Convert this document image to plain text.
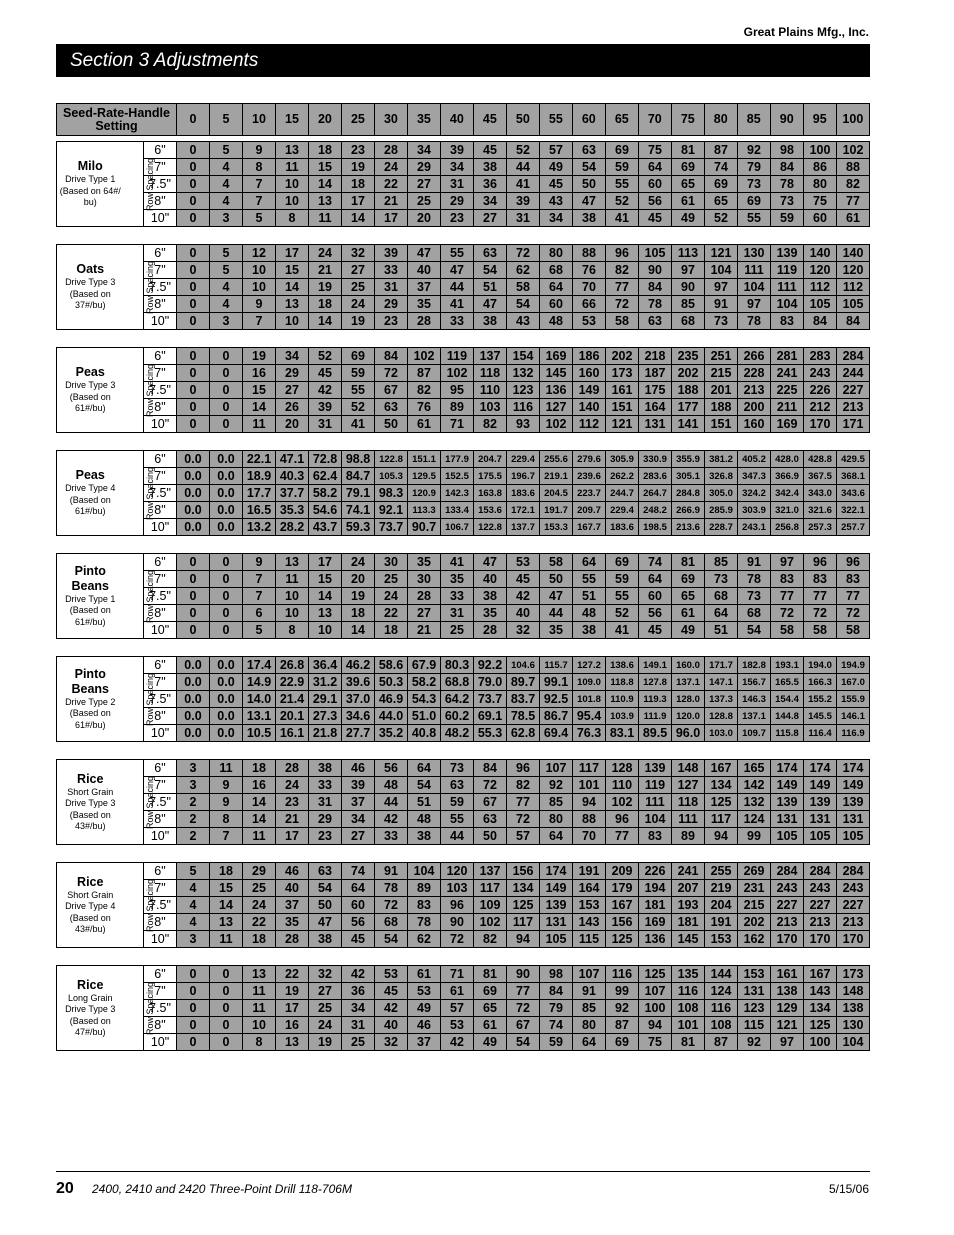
Great Plains Mfg., Inc.
Section 3 Adjustments
Seed-Rate-Handle Setting	0	5	10	15	20	25	30	35	40	45	50	55	60	65	70	75	80	85	90	95	100
Milo
Drive Type 1
(Based on 64#/
bu)	Row Spacing	6"	0	5	9	13	18	23	28	34	39	45	52	57	63	69	75	81	87	92	98	100	102
		7"	0	4	8	11	15	19	24	29	34	38	44	49	54	59	64	69	74	79	84	86	88
		7.5"	0	4	7	10	14	18	22	27	31	36	41	45	50	55	60	65	69	73	78	80	82
		8"	0	4	7	10	13	17	21	25	29	34	39	43	47	52	56	61	65	69	73	75	77
		10"	0	3	5	8	11	14	17	20	23	27	31	34	38	41	45	49	52	55	59	60	61
Oats
Drive Type 3
(Based on
37#/bu)	Row Spacing	6"	0	5	12	17	24	32	39	47	55	63	72	80	88	96	105	113	121	130	139	140	140
		7"	0	5	10	15	21	27	33	40	47	54	62	68	76	82	90	97	104	111	119	120	120
		7.5"	0	4	10	14	19	25	31	37	44	51	58	64	70	77	84	90	97	104	111	112	112
		8"	0	4	9	13	18	24	29	35	41	47	54	60	66	72	78	85	91	97	104	105	105
		10"	0	3	7	10	14	19	23	28	33	38	43	48	53	58	63	68	73	78	83	84	84
Peas
Drive Type 3
(Based on
61#/bu)	Row Spacing	6"	0	0	19	34	52	69	84	102	119	137	154	169	186	202	218	235	251	266	281	283	284
		7"	0	0	16	29	45	59	72	87	102	118	132	145	160	173	187	202	215	228	241	243	244
		7.5"	0	0	15	27	42	55	67	82	95	110	123	136	149	161	175	188	201	213	225	226	227
		8"	0	0	14	26	39	52	63	76	89	103	116	127	140	151	164	177	188	200	211	212	213
		10"	0	0	11	20	31	41	50	61	71	82	93	102	112	121	131	141	151	160	169	170	171
Peas
Drive Type 4
(Based on
61#/bu)	Row Spacing	6"	0.0	0.0	22.1	47.1	72.8	98.8	122.8	151.1	177.9	204.7	229.4	255.6	279.6	305.9	330.9	355.9	381.2	405.2	428.0	428.8	429.5
		7"	0.0	0.0	18.9	40.3	62.4	84.7	105.3	129.5	152.5	175.5	196.7	219.1	239.6	262.2	283.6	305.1	326.8	347.3	366.9	367.5	368.1
		7.5"	0.0	0.0	17.7	37.7	58.2	79.1	98.3	120.9	142.3	163.8	183.6	204.5	223.7	244.7	264.7	284.8	305.0	324.2	342.4	343.0	343.6
		8"	0.0	0.0	16.5	35.3	54.6	74.1	92.1	113.3	133.4	153.6	172.1	191.7	209.7	229.4	248.2	266.9	285.9	303.9	321.0	321.6	322.1
		10"	0.0	0.0	13.2	28.2	43.7	59.3	73.7	90.7	106.7	122.8	137.7	153.3	167.7	183.6	198.5	213.6	228.7	243.1	256.8	257.3	257.7
Pinto Beans
Drive Type 1
(Based on
61#/bu)	Row Spacing	6"	0	0	9	13	17	24	30	35	41	47	53	58	64	69	74	81	85	91	97	96	96
		7"	0	0	7	11	15	20	25	30	35	40	45	50	55	59	64	69	73	78	83	83	83
		7.5"	0	0	7	10	14	19	24	28	33	38	42	47	51	55	60	65	68	73	77	77	77
		8"	0	0	6	10	13	18	22	27	31	35	40	44	48	52	56	61	64	68	72	72	72
		10"	0	0	5	8	10	14	18	21	25	28	32	35	38	41	45	49	51	54	58	58	58
Pinto Beans
Drive Type 2
(Based on
61#/bu)	Row Spacing	6"	0.0	0.0	17.4	26.8	36.4	46.2	58.6	67.9	80.3	92.2	104.6	115.7	127.2	138.6	149.1	160.0	171.7	182.8	193.1	194.0	194.9
		7"	0.0	0.0	14.9	22.9	31.2	39.6	50.3	58.2	68.8	79.0	89.7	99.1	109.0	118.8	127.8	137.1	147.1	156.7	165.5	166.3	167.0
		7.5"	0.0	0.0	14.0	21.4	29.1	37.0	46.9	54.3	64.2	73.7	83.7	92.5	101.8	110.9	119.3	128.0	137.3	146.3	154.4	155.2	155.9
		8"	0.0	0.0	13.1	20.1	27.3	34.6	44.0	51.0	60.2	69.1	78.5	86.7	95.4	103.9	111.9	120.0	128.8	137.1	144.8	145.5	146.1
		10"	0.0	0.0	10.5	16.1	21.8	27.7	35.2	40.8	48.2	55.3	62.8	69.4	76.3	83.1	89.5	96.0	103.0	109.7	115.8	116.4	116.9
Rice
Short Grain
Drive Type 3
(Based on
43#/bu)	Row Spacing	6"	3	11	18	28	38	46	56	64	73	84	96	107	117	128	139	148	167	165	174	174	174
		7"	3	9	16	24	33	39	48	54	63	72	82	92	101	110	119	127	134	142	149	149	149
		7.5"	2	9	14	23	31	37	44	51	59	67	77	85	94	102	111	118	125	132	139	139	139
		8"	2	8	14	21	29	34	42	48	55	63	72	80	88	96	104	111	117	124	131	131	131
		10"	2	7	11	17	23	27	33	38	44	50	57	64	70	77	83	89	94	99	105	105	105
Rice
Short Grain
Drive Type 4
(Based on
43#/bu)	Row Spacing	6"	5	18	29	46	63	74	91	104	120	137	156	174	191	209	226	241	255	269	284	284	284
		7"	4	15	25	40	54	64	78	89	103	117	134	149	164	179	194	207	219	231	243	243	243
		7.5"	4	14	24	37	50	60	72	83	96	109	125	139	153	167	181	193	204	215	227	227	227
		8"	4	13	22	35	47	56	68	78	90	102	117	131	143	156	169	181	191	202	213	213	213
		10"	3	11	18	28	38	45	54	62	72	82	94	105	115	125	136	145	153	162	170	170	170
Rice
Long Grain
Drive Type 3
(Based on
47#/bu)	Row Spacing	6"	0	0	13	22	32	42	53	61	71	81	90	98	107	116	125	135	144	153	161	167	173
		7"	0	0	11	19	27	36	45	53	61	69	77	84	91	99	107	116	124	131	138	143	148
		7.5"	0	0	11	17	25	34	42	49	57	65	72	79	85	92	100	108	116	123	129	134	138
		8"	0	0	10	16	24	31	40	46	53	61	67	74	80	87	94	101	108	115	121	125	130
		10"	0	0	8	13	19	25	32	37	42	49	54	59	64	69	75	81	87	92	97	100	104
20 2400, 2410 and 2420 Three-Point Drill 118-706M	5/15/06
